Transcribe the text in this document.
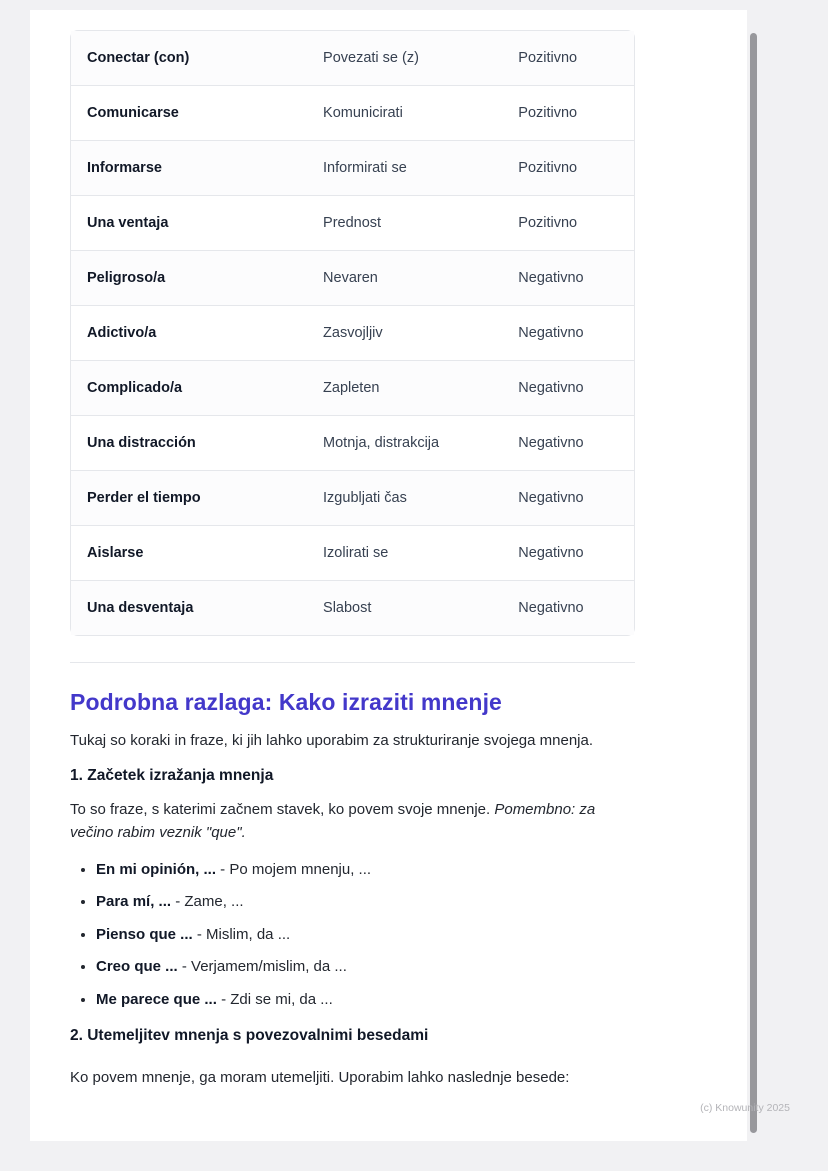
Conectar (con)	Povezati se (z)	Pozitivno
Comunicarse	Komunicirati	Pozitivno
Informarse	Informirati se	Pozitivno
Una ventaja	Prednost	Pozitivno
Peligroso/a	Nevaren	Negativno
Adictivo/a	Zasvojljiv	Negativno
Complicado/a	Zapleten	Negativno
Una distracción	Motnja, distrakcija	Negativno
Perder el tiempo	Izgubljati čas	Negativno
Aislarse	Izolirati se	Negativno
Una desventaja	Slabost	Negativno
Podrobna razlaga: Kako izraziti mnenje

Tukaj so koraki in fraze, ki jih lahko uporabim za strukturiranje svojega mnenja.

1. Začetek izražanja mnenja

To so fraze, s katerimi začnem stavek, ko povem svoje mnenje. Pomembno: za večino rabim veznik "que".

• En mi opinión, ... - Po mojem mnenju, ...
• Para mí, ... - Zame, ...
• Pienso que ... - Mislim, da ...
• Creo que ... - Verjamem/mislim, da ...
• Me parece que ... - Zdi se mi, da ...

2. Utemeljitev mnenja s povezovalnimi besedami

Ko povem mnenje, ga moram utemeljiti. Uporabim lahko naslednje besede:

(c) Knowunity 2025
